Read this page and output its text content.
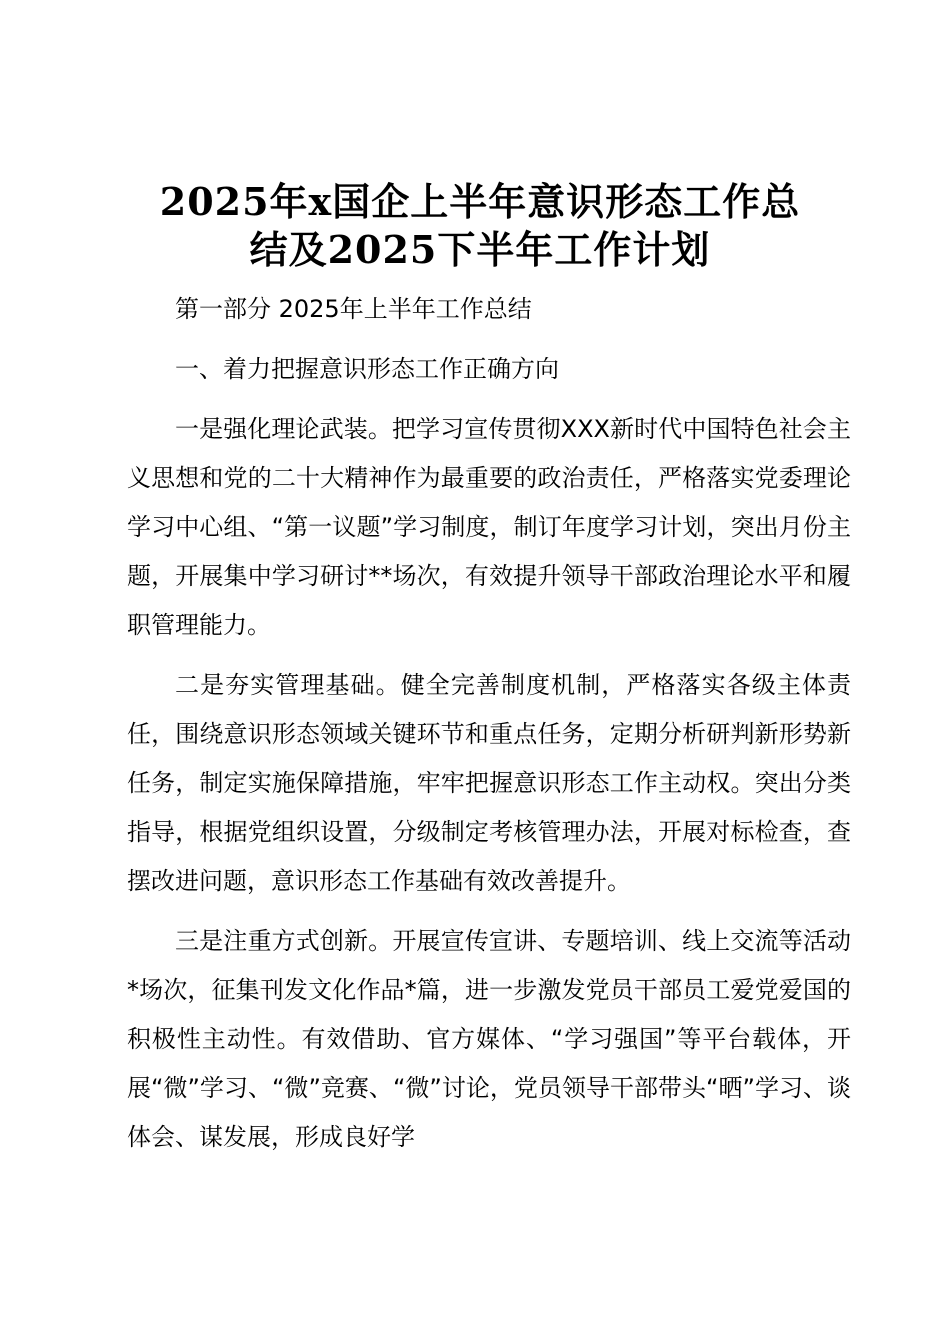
2025年x国企上半年意识形态工作总
结及2025下半年工作计划

第一部分 2025年上半年工作总结

一、着力把握意识形态工作正确方向

一是强化理论武装。把学习宣传贯彻XXX新时代中国特色社会主义思想和党的二十大精神作为最重要的政治责任，严格落实党委理论学习中心组、“第一议题”学习制度，制订年度学习计划，突出月份主题，开展集中学习研讨**场次，有效提升领导干部政治理论水平和履职管理能力。

二是夯实管理基础。健全完善制度机制，严格落实各级主体责任，围绕意识形态领域关键环节和重点任务，定期分析研判新形势新任务，制定实施保障措施，牢牢把握意识形态工作主动权。突出分类指导，根据党组织设置，分级制定考核管理办法，开展对标检查，查摆改进问题，意识形态工作基础有效改善提升。

三是注重方式创新。开展宣传宣讲、专题培训、线上交流等活动*场次，征集刊发文化作品*篇，进一步激发党员干部员工爱党爱国的积极性主动性。有效借助、官方媒体、“学习强国”等平台载体，开展“微”学习、“微”竞赛、“微”讨论，党员领导干部带头“晒”学习、谈体会、谋发展，形成良好学
